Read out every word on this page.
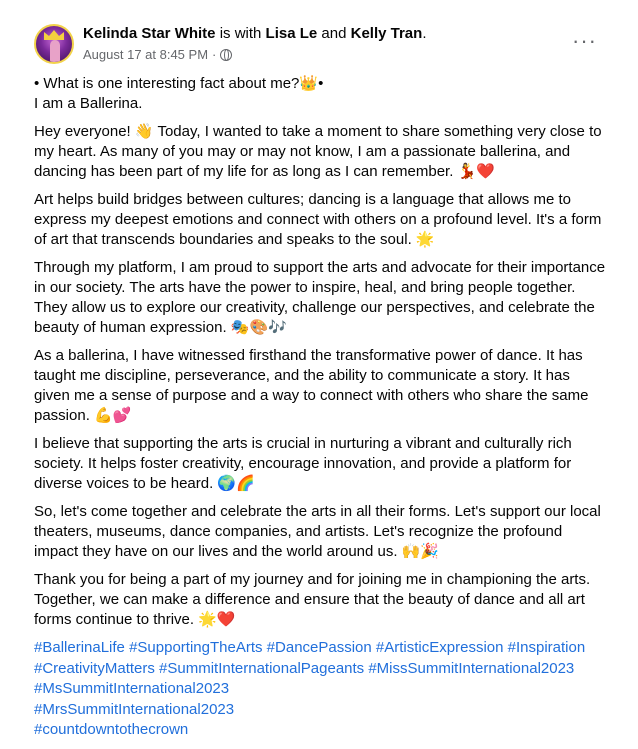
Kelinda Star White is with Lisa Le and Kelly Tran.
August 17 at 8:45 PM ·
···
• What is one interesting fact about me?👑•
I am a Ballerina.
Hey everyone! 👋 Today, I wanted to take a moment to share something very close to my heart. As many of you may or may not know, I am a passionate ballerina, and dancing has been part of my life for as long as I can remember. 💃❤️
Art helps build bridges between cultures; dancing is a language that allows me to express my deepest emotions and connect with others on a profound level. It's a form of art that transcends boundaries and speaks to the soul. 🌟
Through my platform, I am proud to support the arts and advocate for their importance in our society. The arts have the power to inspire, heal, and bring people together. They allow us to explore our creativity, challenge our perspectives, and celebrate the beauty of human expression. 🎭🎨🎶
As a ballerina, I have witnessed firsthand the transformative power of dance. It has taught me discipline, perseverance, and the ability to communicate a story. It has given me a sense of purpose and a way to connect with others who share the same passion. 💪💕
I believe that supporting the arts is crucial in nurturing a vibrant and culturally rich society. It helps foster creativity, encourage innovation, and provide a platform for diverse voices to be heard. 🌍🌈
So, let's come together and celebrate the arts in all their forms. Let's support our local theaters, museums, dance companies, and artists. Let's recognize the profound impact they have on our lives and the world around us. 🙌🎉
Thank you for being a part of my journey and for joining me in championing the arts. Together, we can make a difference and ensure that the beauty of dance and all art forms continue to thrive. 🌟❤️
#BallerinaLife #SupportingTheArts #DancePassion #ArtisticExpression #Inspiration
#CreativityMatters #SummitInternationalPageants #MissSummitInternational2023
#MsSummitInternational2023
#MrsSummitInternational2023
#countdowntothecrown
